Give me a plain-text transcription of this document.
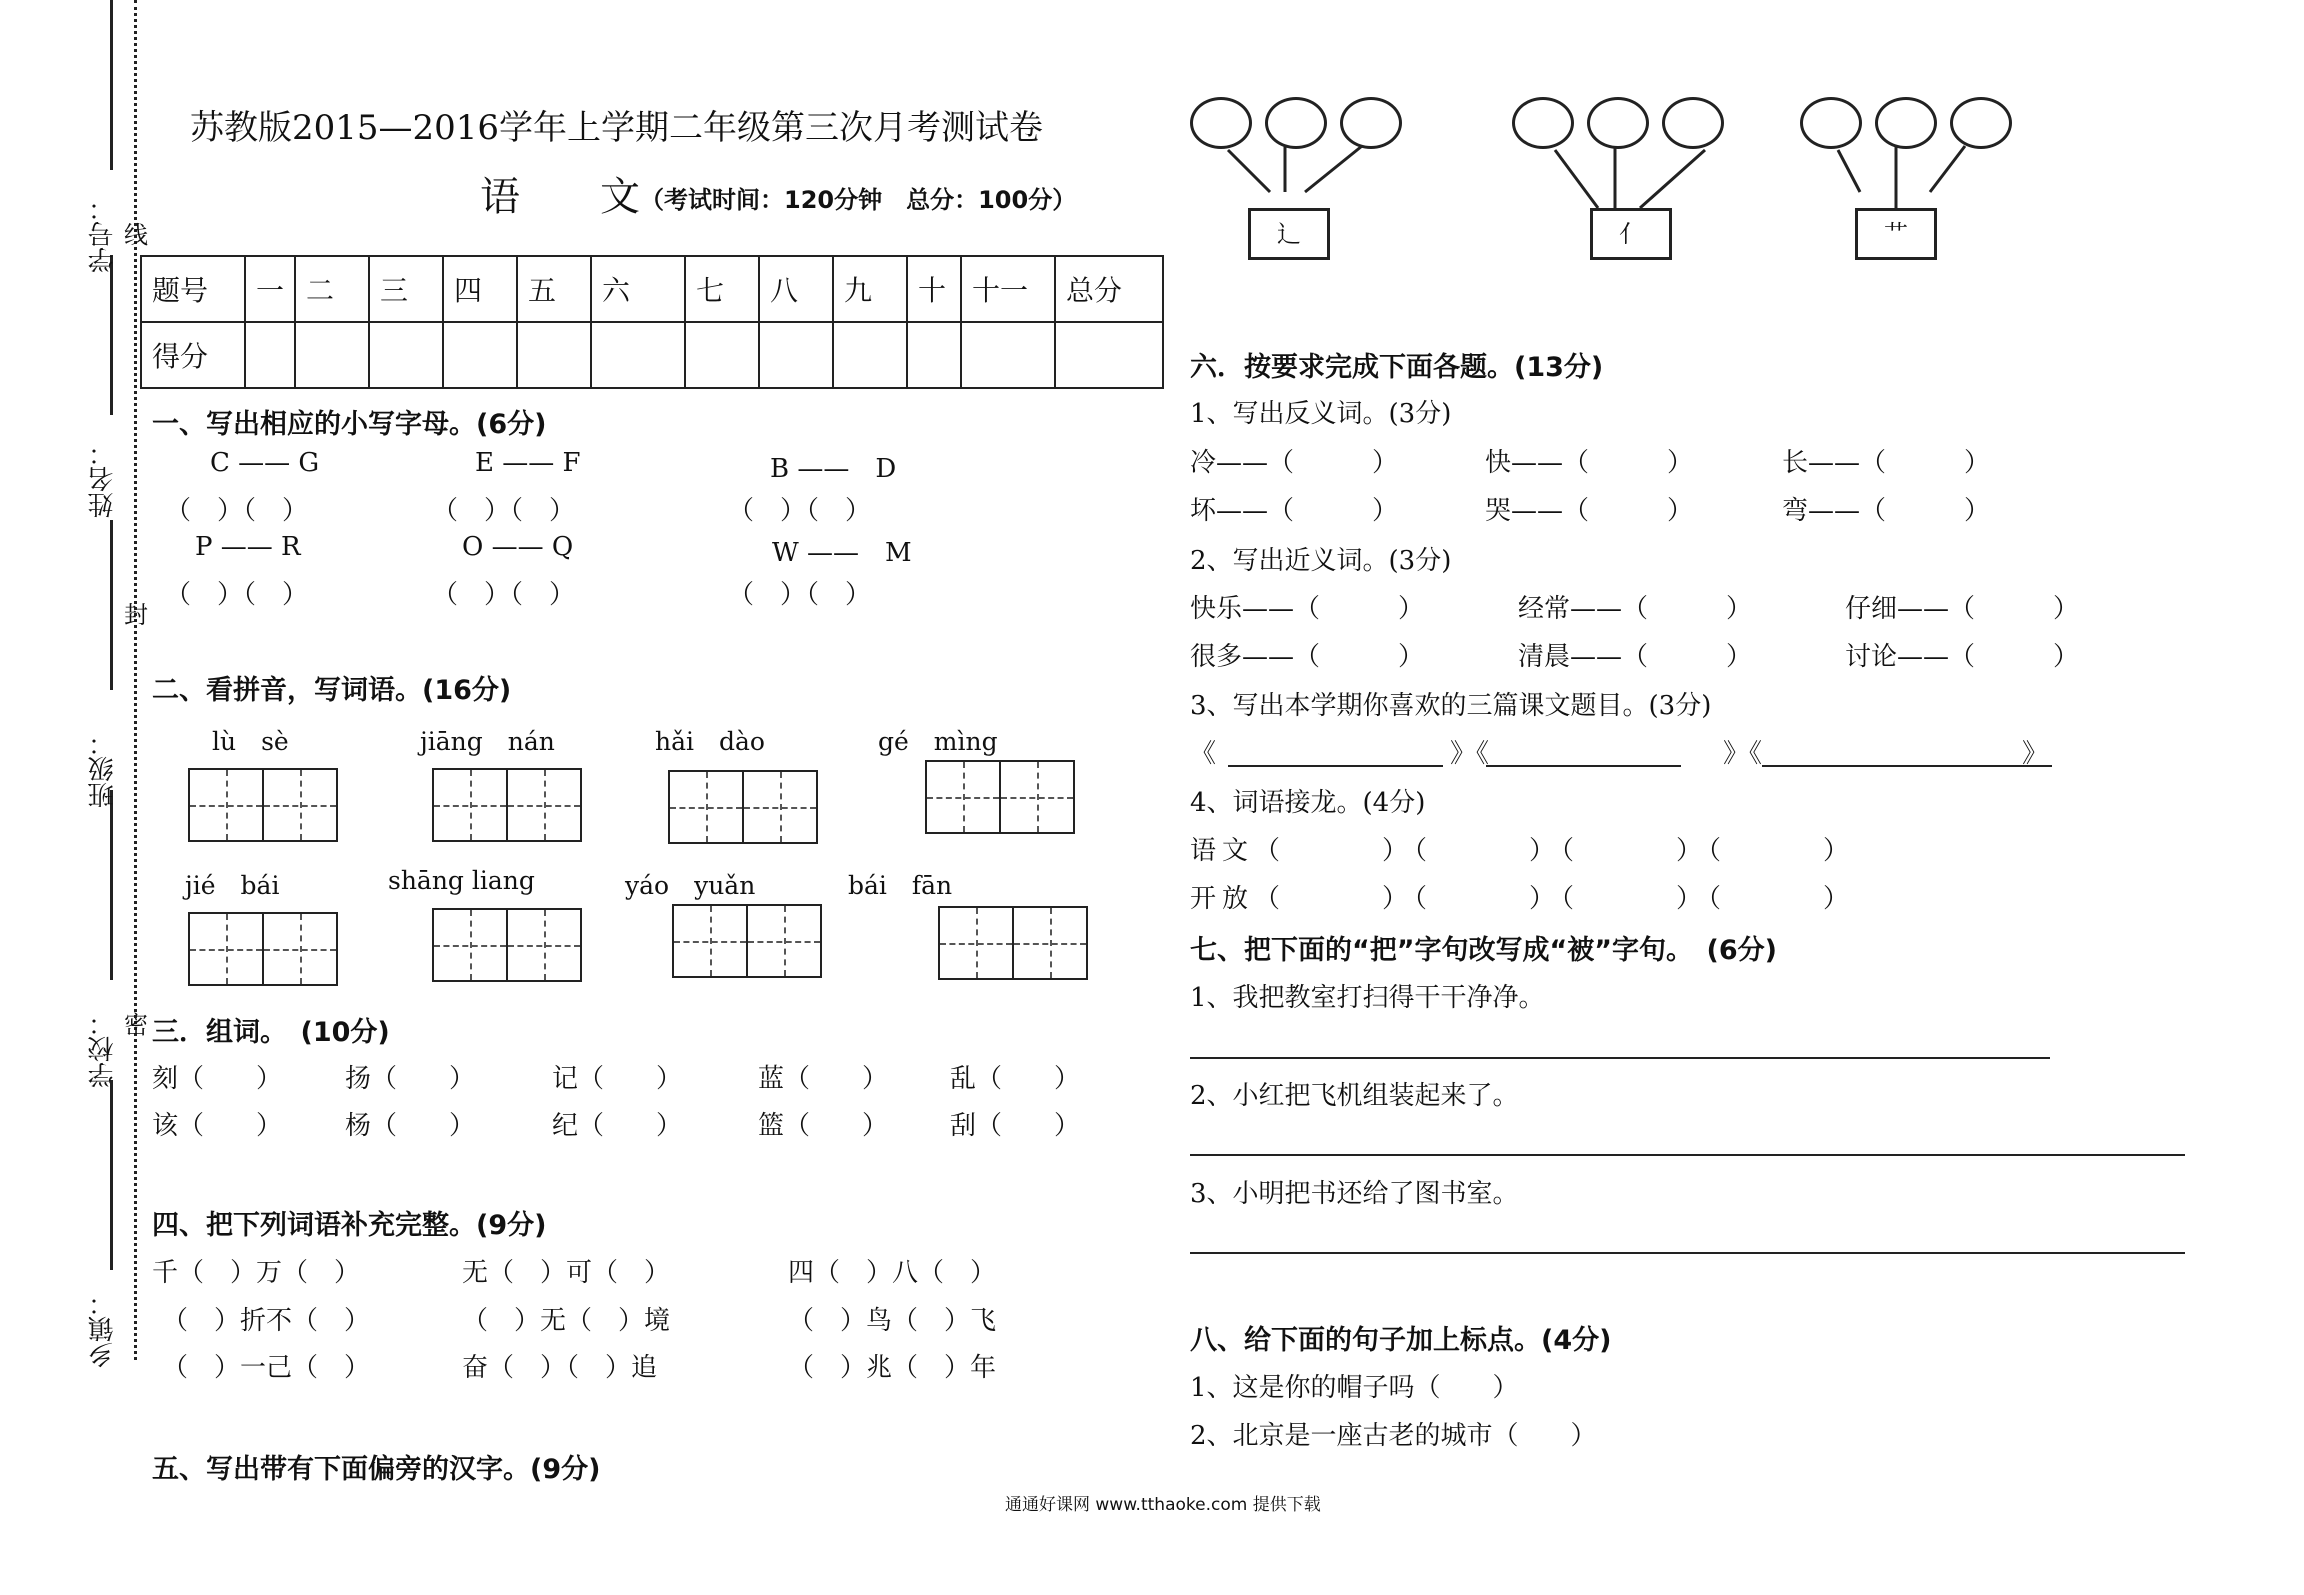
学号：
姓名：
班级：
学校：
乡镇：
线
封
密
苏教版2015—2016学年上学期二年级第三次月考测试卷
语　　文 （考试时间：120分钟　总分：100分）
题号	一	二	三	四	五	六	七	八	九	十	十一	总分
得分												
一、写出相应的小写字母。(6分)
C —— G	E —— F	B ——　D
（　）（　）	（　）（　）	（　）（　）
P —— R	O —— Q	W ——　M
（　）（　）	（　）（　）	（　）（　）
二、看拼音，写词语。(16分)
lù　sè	jiāng　nán	hǎi　dào	gé　mìng
jié　bái	shāng liang	yáo　yuǎn	bái　fān
三．组词。　(10分)
刻（　　） 扬（　　）	记（　　）	蓝（　　） 乱（　　）
该（　　） 杨（　　）	纪（　　）	篮（　　） 刮（　　）
四、把下列词语补充完整。(9分)
千（　）万（　）	无（　）可（　）	四（　）八（　）
（　）折不（　）	（　）无（　）境	（　）鸟（　）飞
（　）一己（　）	奋（　）（　）追	（　）兆（　）年
五、写出带有下面偏旁的汉字。(9分)
辶	亻	艹
六．按要求完成下面各题。(13分)
1、写出反义词。(3分)
冷——（　　　）	快——（　　　）	长——（　　　）
坏——（　　　）	哭——（　　　）	弯——（　　　）
2、写出近义词。(3分)
快乐——（　　　）	经常——（　　　）	仔细——（　　　）
很多——（　　　）	清晨——（　　　）	讨论——（　　　）
3、写出本学期你喜欢的三篇课文题目。(3分)
《　　　　　　　　　》《　　　　　　　　　》《　　　　　　　　　　》
4、词语接龙。(4分)
语文（　　　）（　　　）（　　　）（　　　）
开放（　　　）（　　　）（　　　）（　　　）
七、把下面的“把”字句改写成“被”字句。　(6分)
1、我把教室打扫得干干净净。
2、小红把飞机组装起来了。
3、小明把书还给了图书室。
八、给下面的句子加上标点。(4分)
1、这是你的帽子吗（　　）
2、北京是一座古老的城市（　　）
通通好课网 www.tthaoke.com 提供下载
